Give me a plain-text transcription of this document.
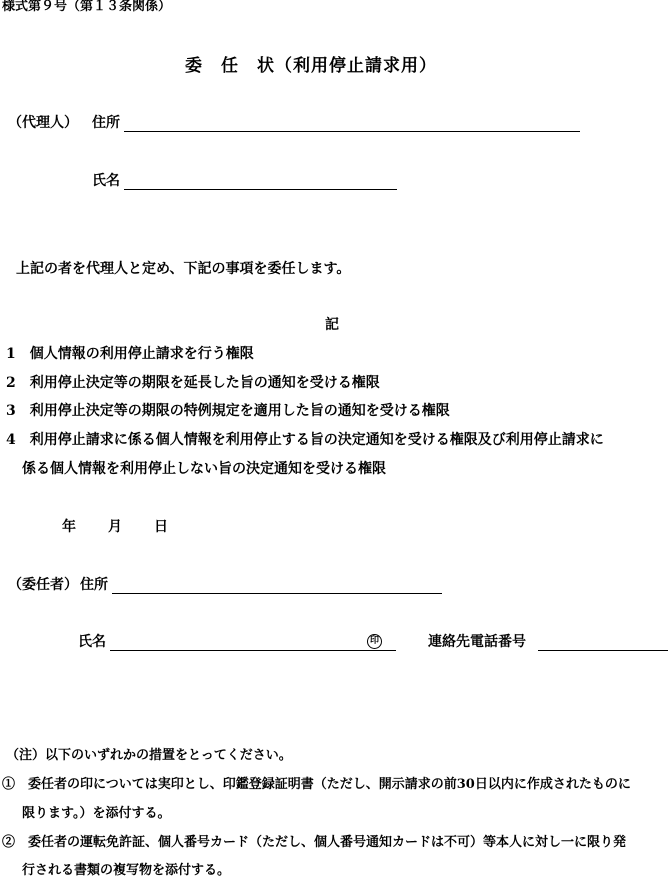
様式第９号（第１３条関係）
委　任　状（利用停止請求用）
（代理人） 住所
氏名
上記の者を代理人と定め、下記の事項を委任します。
記
1　個人情報の利用停止請求を行う権限
2　利用停止決定等の期限を延長した旨の通知を受ける権限
3　利用停止決定等の期限の特例規定を適用した旨の通知を受ける権限
4　利用停止請求に係る個人情報を利用停止する旨の決定通知を受ける権限及び利用停止請求に
係る個人情報を利用停止しない旨の決定通知を受ける権限
年 月 日
（委任者） 住所
氏名	印	連絡先電話番号
（注）以下のいずれかの措置をとってください。
①　委任者の印については実印とし、印鑑登録証明書（ただし、開示請求の前30日以内に作成されたものに
限ります。）を添付する。
②　委任者の運転免許証、個人番号カード（ただし、個人番号通知カードは不可）等本人に対し一に限り発
行される書類の複写物を添付する。
